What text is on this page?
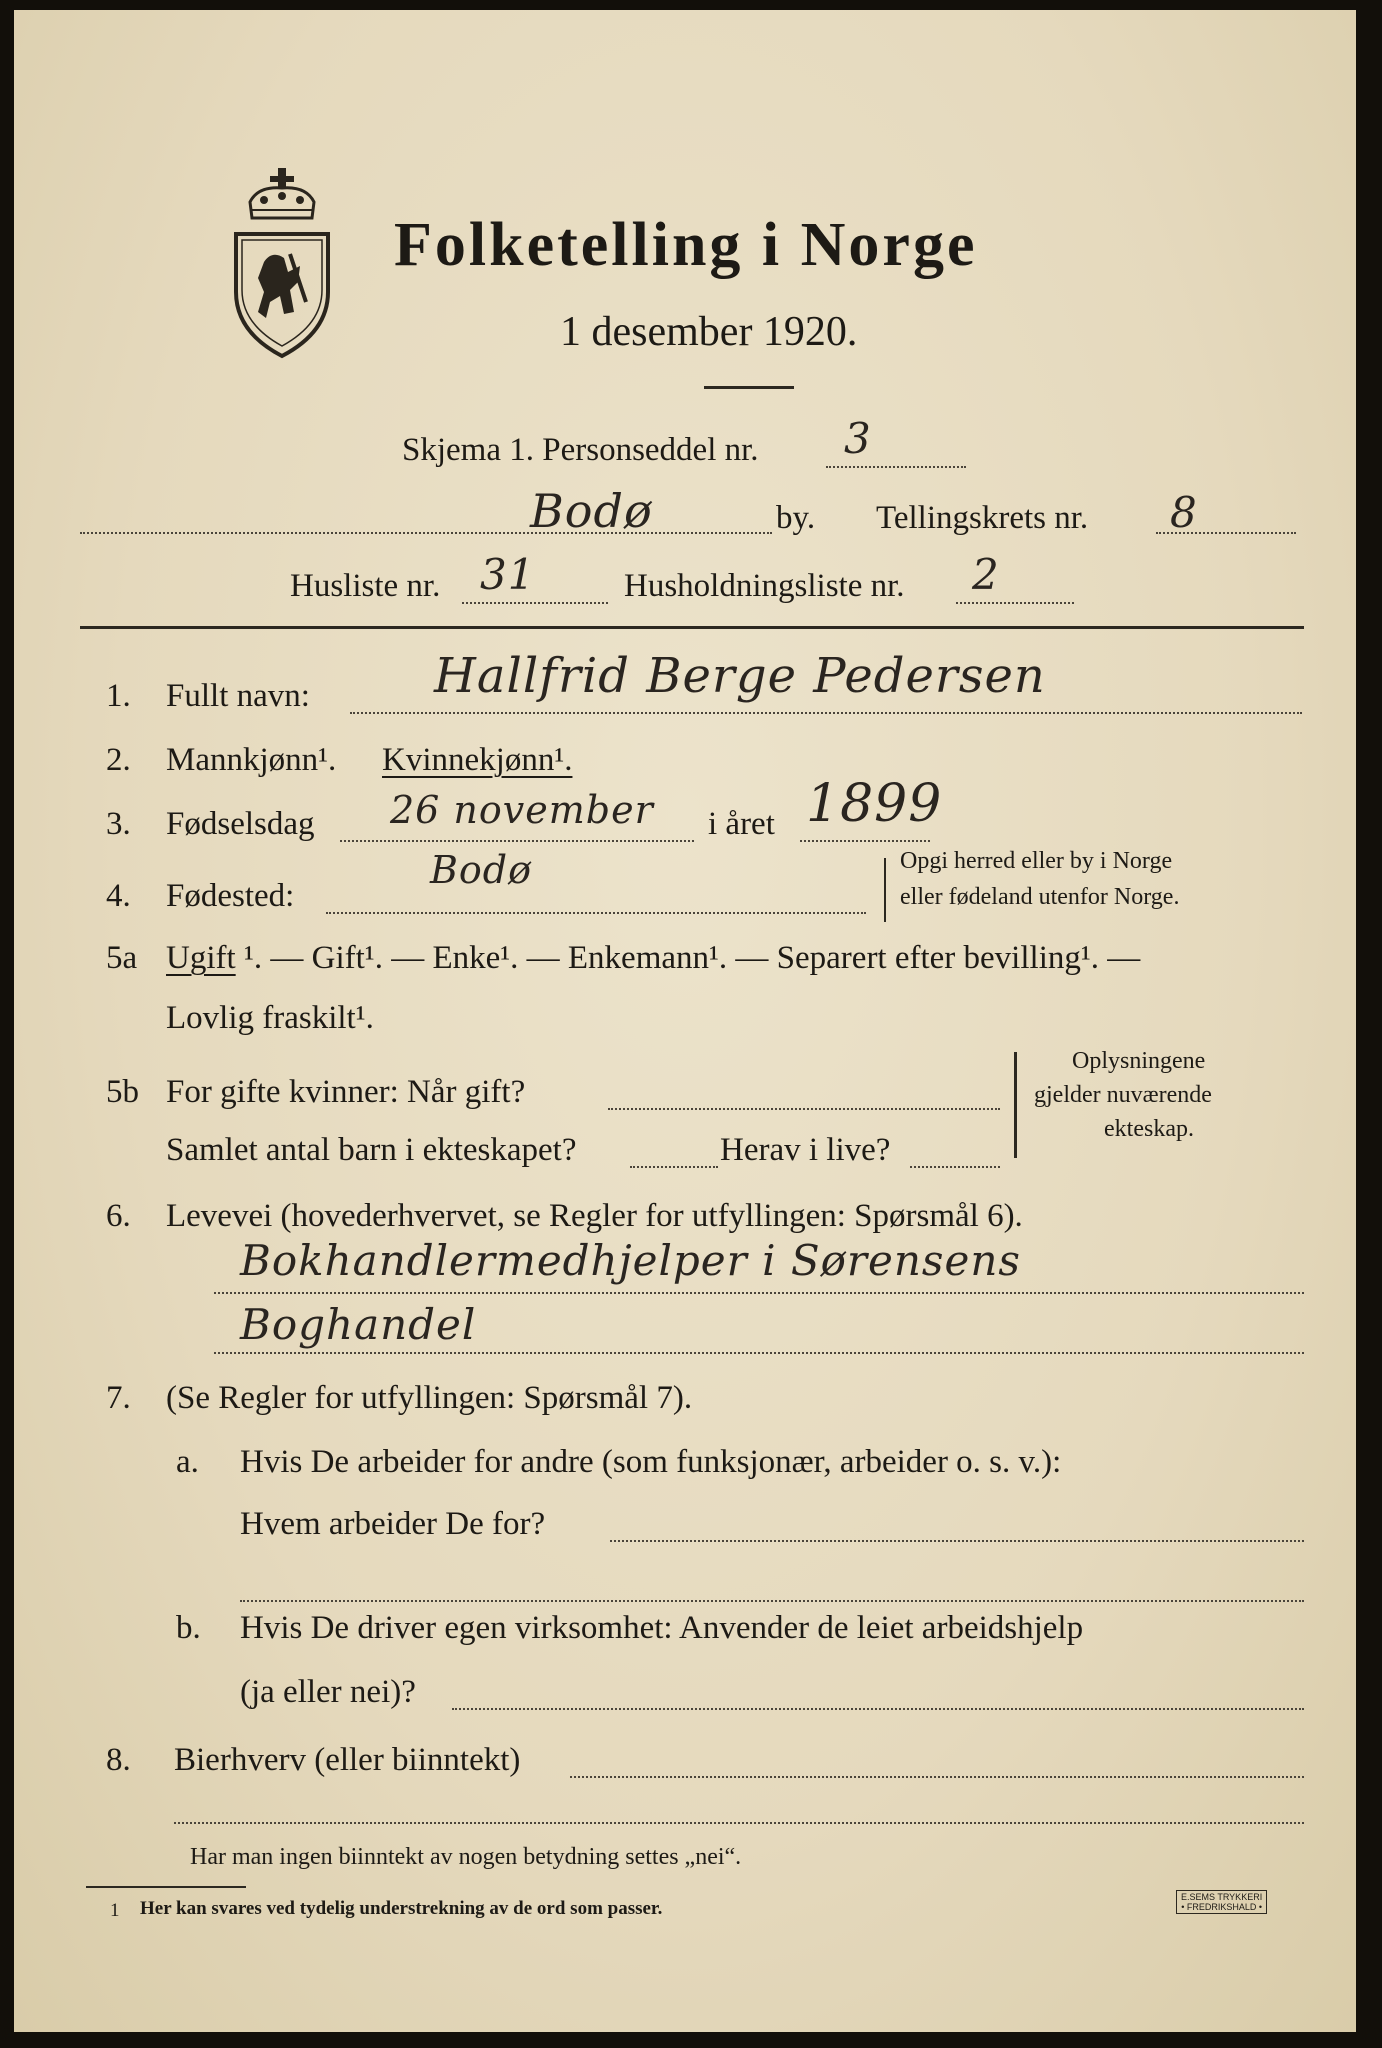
Folketelling i Norge
1 desember 1920.
Skjema 1. Personseddel nr. 3
Bodø	by. Tellingskrets nr. 8
Husliste nr. 31	Husholdningsliste nr. 2
1. Fullt navn:	Hallfrid Berge Pedersen
2. Mannkjønn¹. Kvinnekjønn¹.
3. Fødselsdag 26 november i året 1899
4. Fødested:
Bodø	Opgi herred eller by i Norge
eller fødeland utenfor Norge.
5a Ugift ¹. — Gift¹. — Enke¹. — Enkemann¹. — Separert efter bevilling¹. —
Lovlig fraskilt¹.
5b For gifte kvinner: Når gift?
Samlet antal barn i ekteskapet?	Herav i live?
Oplysningene
gjelder nuværende
ekteskap.
6. Levevei (hovederhvervet, se Regler for utfyllingen: Spørsmål 6).
Bokhandlermedhjelper i Sørensens
Boghandel
7. (Se Regler for utfyllingen: Spørsmål 7).
a. Hvis De arbeider for andre (som funksjonær, arbeider o. s. v.):
Hvem arbeider De for?
b. Hvis De driver egen virksomhet: Anvender de leiet arbeidshjelp
(ja eller nei)?
8. Bierhverv (eller biinntekt)
Har man ingen biinntekt av nogen betydning settes „nei“.
1 Her kan svares ved tydelig understrekning av de ord som passer.
E.SEMS TRYKKERI
• FREDRIKSHALD •
